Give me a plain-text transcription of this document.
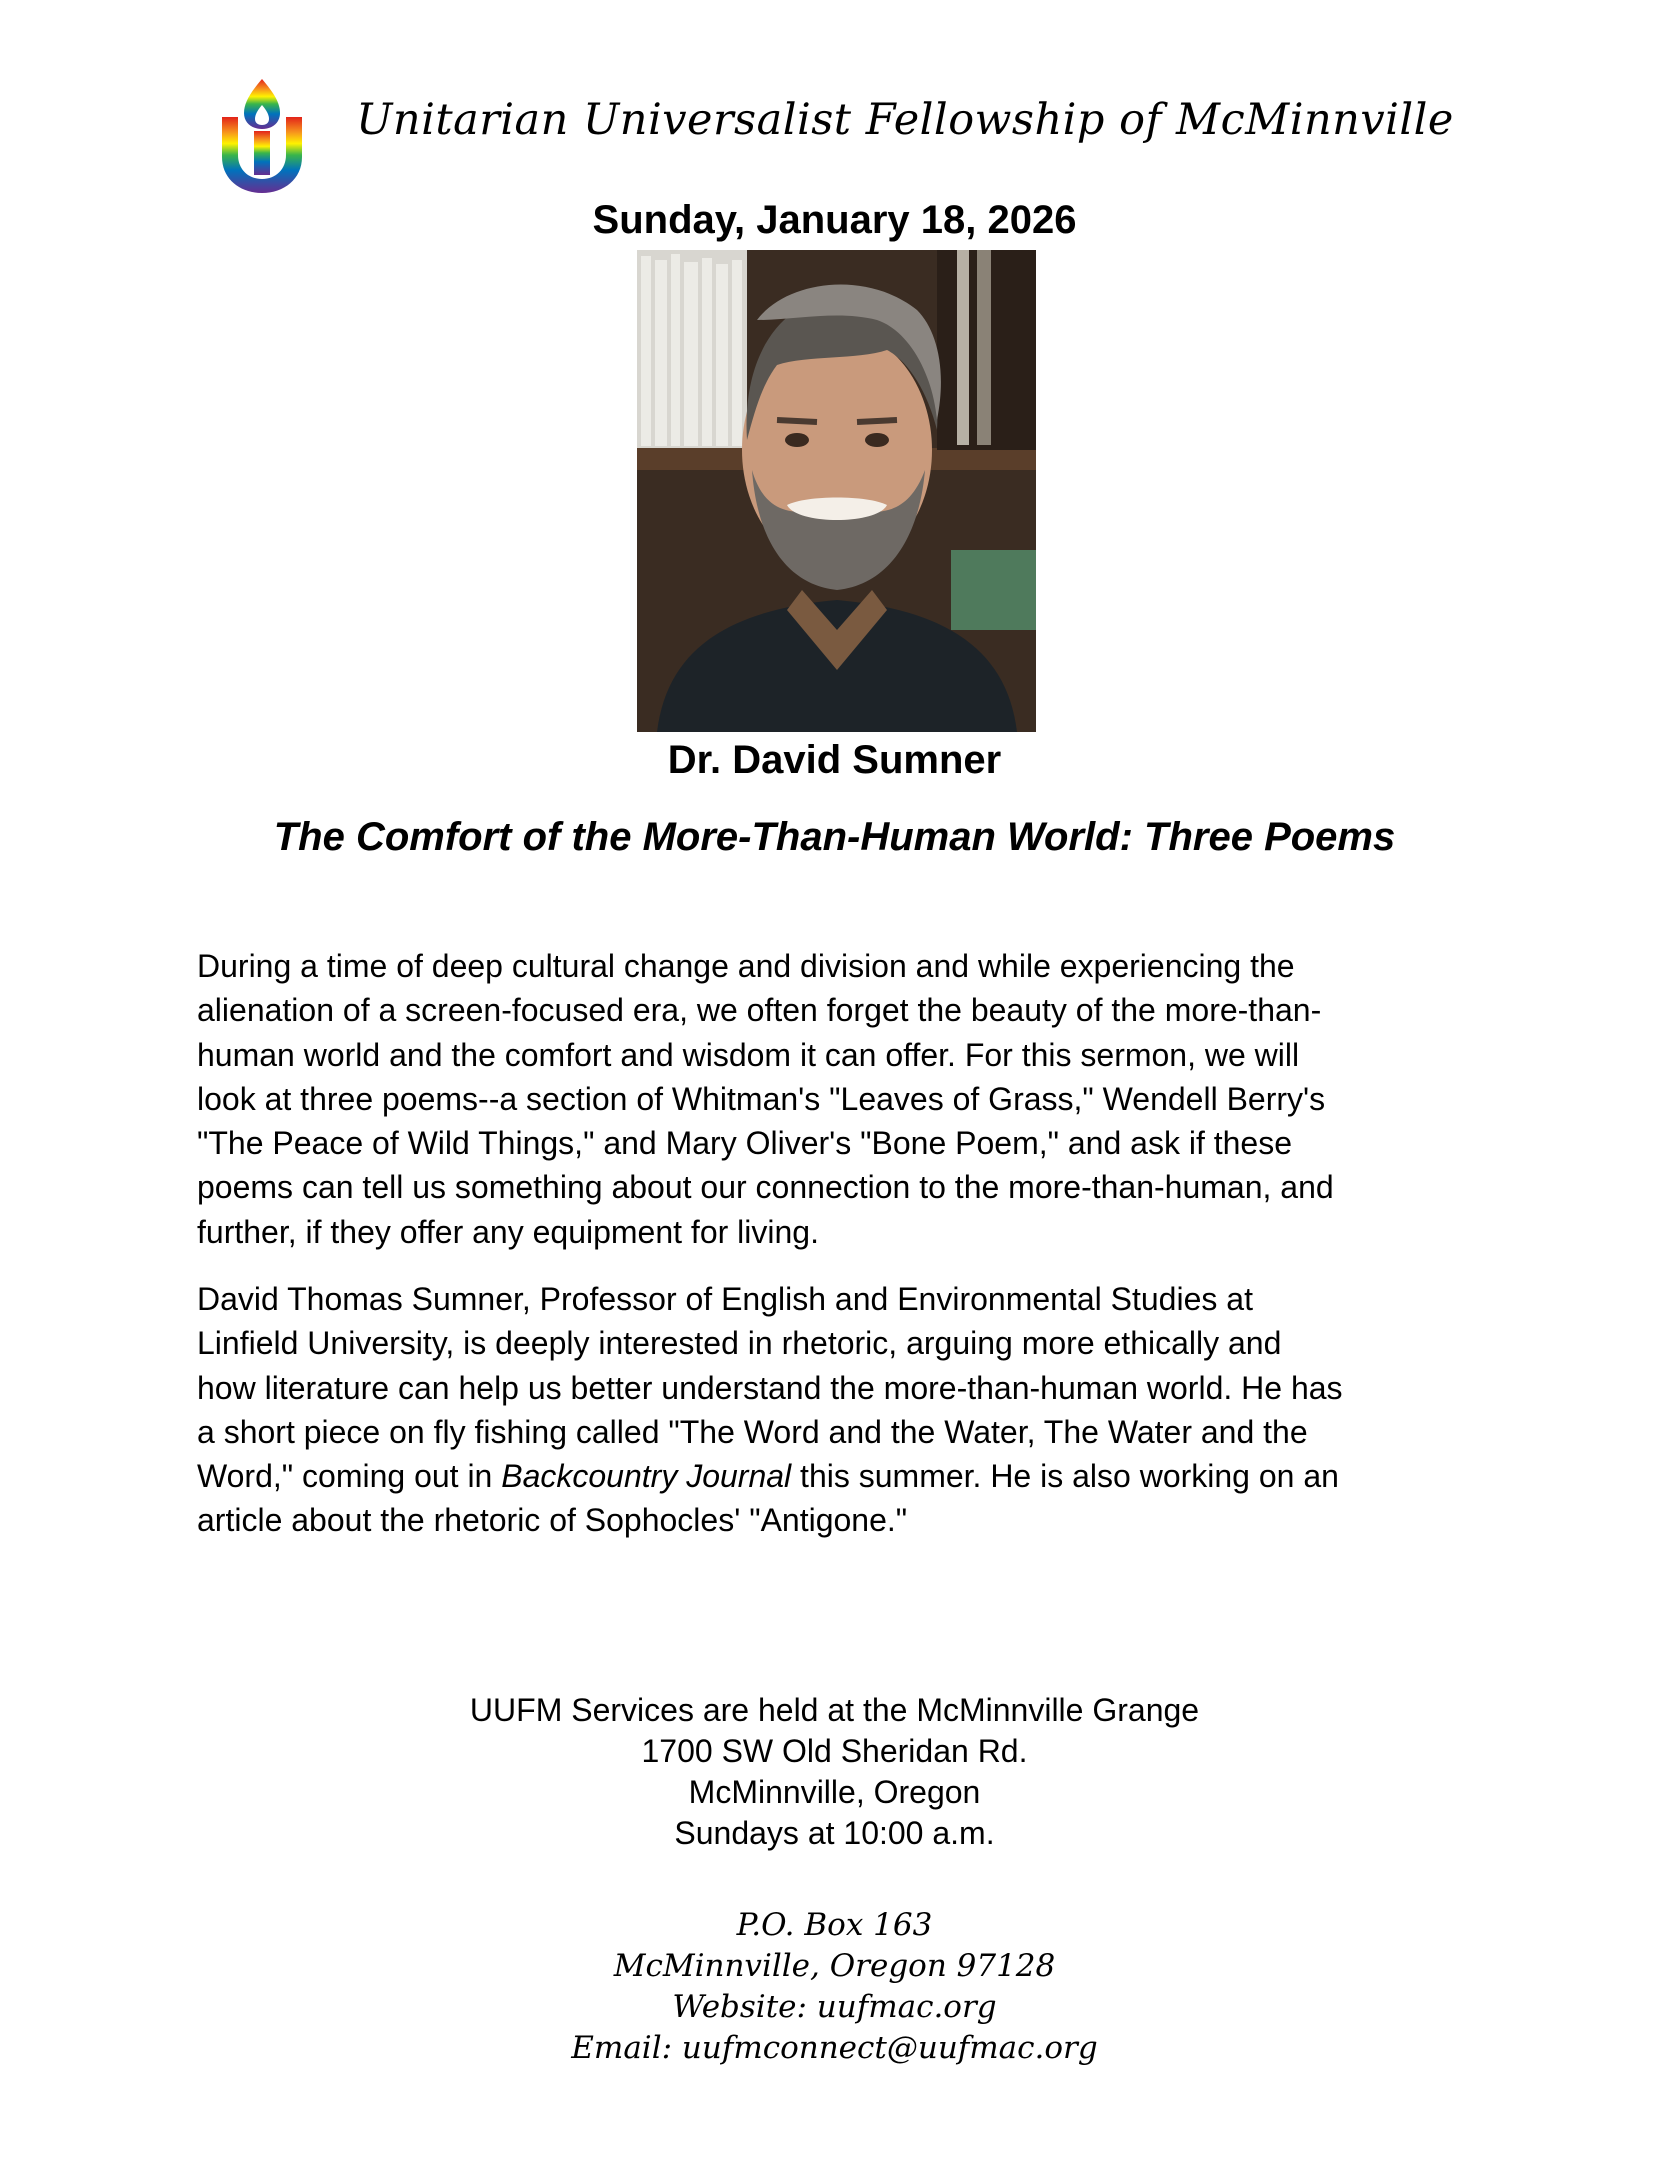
Unitarian Universalist Fellowship of McMinnville
Sunday, January 18, 2026
Dr. David Sumner
The Comfort of the More-Than-Human World: Three Poems
During a time of deep cultural change and division and while experiencing the
alienation of a screen-focused era, we often forget the beauty of the more-than-
human world and the comfort and wisdom it can offer. For this sermon, we will
look at three poems--a section of Whitman's "Leaves of Grass," Wendell Berry's
"The Peace of Wild Things," and Mary Oliver's "Bone Poem," and ask if these
poems can tell us something about our connection to the more-than-human, and
further, if they offer any equipment for living.
David Thomas Sumner, Professor of English and Environmental Studies at
Linfield University, is deeply interested in rhetoric, arguing more ethically and
how literature can help us better understand the more-than-human world. He has
a short piece on fly fishing called "The Word and the Water, The Water and the
Word," coming out in Backcountry Journal this summer. He is also working on an
article about the rhetoric of Sophocles' "Antigone."
UUFM Services are held at the McMinnville Grange
1700 SW Old Sheridan Rd.
McMinnville, Oregon
Sundays at 10:00 a.m.
P.O. Box 163
McMinnville, Oregon 97128
Website: uufmac.org
Email: uufmconnect@uufmac.org
